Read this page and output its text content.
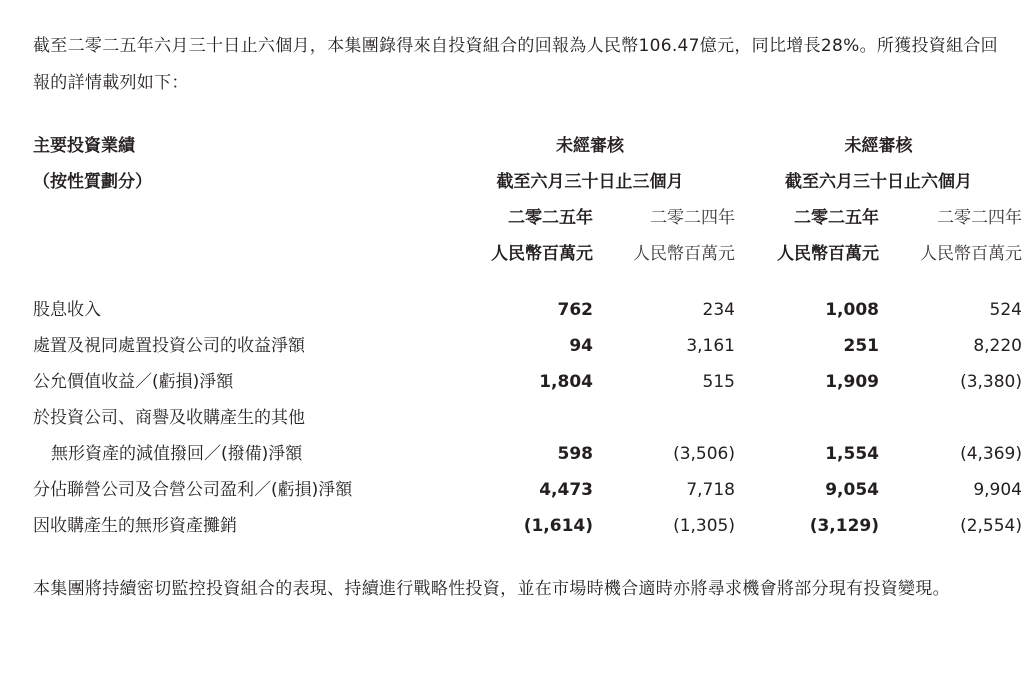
截至二零二五年六月三十日止六個月，本集團錄得來自投資組合的回報為人民幣106.47億元，同比增長28%。所獲投資組合回報的詳情載列如下：

主要投資業績	未經審核		未經審核	
（按性質劃分）	截至六月三十日止三個月		截至六月三十日止六個月	
	二零二五年	二零二四年	二零二五年	二零二四年
	人民幣百萬元	人民幣百萬元	人民幣百萬元	人民幣百萬元

股息收入	762	234	1,008	524
處置及視同處置投資公司的收益淨額	94	3,161	251	8,220
公允價值收益／(虧損)淨額	1,804	515	1,909	(3,380)
於投資公司、商譽及收購產生的其他				
無形資產的減值撥回／(撥備)淨額	598	(3,506)	1,554	(4,369)
分佔聯營公司及合營公司盈利／(虧損)淨額	4,473	7,718	9,054	9,904
因收購產生的無形資產攤銷	(1,614)	(1,305)	(3,129)	(2,554)

本集團將持續密切監控投資組合的表現、持續進行戰略性投資，並在市場時機合適時亦將尋求機會將部分現有投資變現。
